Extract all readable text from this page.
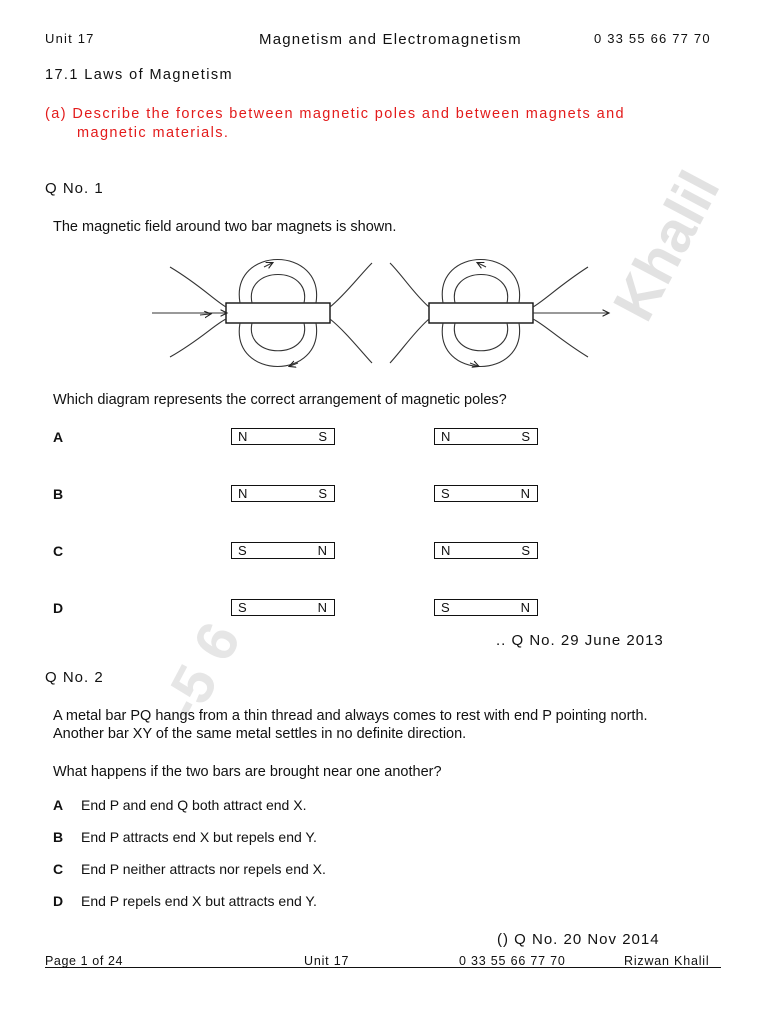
Unit 17	Magnetism and Electromagnetism	0 33 55 66 77 70
Khalil
-5 6
17.1 Laws of Magnetism
(a) Describe the forces between magnetic poles and between magnets and
magnetic materials.
Q No. 1
The magnetic field around two bar magnets is shown.
Which diagram represents the correct arrangement of magnetic poles?
A	N	S	N	S
B	N	S	S	N
C	S	N	N	S
D	S	N	S	N
.. Q No. 29 June 2013
Q No. 2
A metal bar PQ hangs from a thin thread and always comes to rest with end P pointing north.
Another bar XY of the same metal settles in no definite direction.
What happens if the two bars are brought near one another?
A End P and end Q both attract end X.
B End P attracts end X but repels end Y.
C End P neither attracts nor repels end X.
D End P repels end X but attracts end Y.
() Q No. 20 Nov 2014
Page 1 of 24	Unit 17	0 33 55 66 77 70	Rizwan Khalil
